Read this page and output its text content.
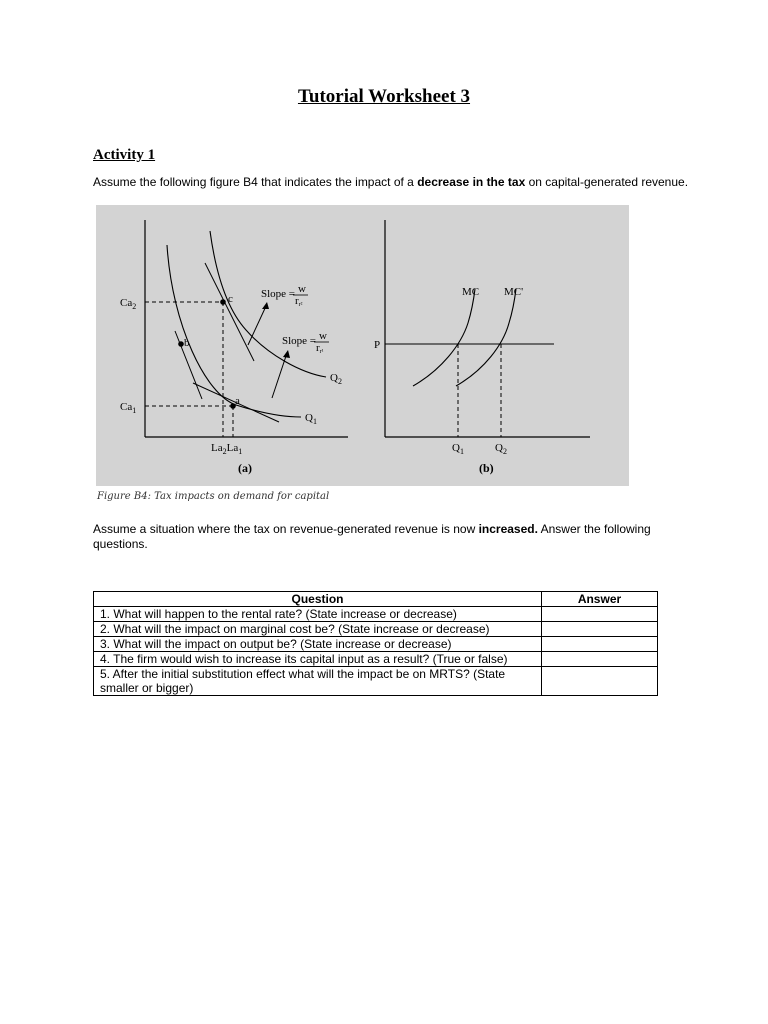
Tutorial Worksheet 3
Activity 1
Assume the following figure B4 that indicates the impact of a decrease in the tax on capital-generated revenue.
$Ca_2$
$Ca_1$
$La_2La_1$
c
b
a
Slope = w
rr²
Slope = w
rr¹
$Q_2$
$Q_1$
(a)
MC MC'
P
$Q_1$	$Q_2$
(b)
Figure B4: Tax impacts on demand for capital
Assume a situation where the tax on revenue-generated revenue is now increased. Answer the following questions.
Question	Answer
1. What will happen to the rental rate? (State increase or decrease)	
2. What will the impact on marginal cost be? (State increase or decrease)	
3. What will the impact on output be? (State increase or decrease)	
4. The firm would wish to increase its capital input as a result? (True or false)	
5. After the initial substitution effect what will the impact be on MRTS? (State smaller or bigger)	
